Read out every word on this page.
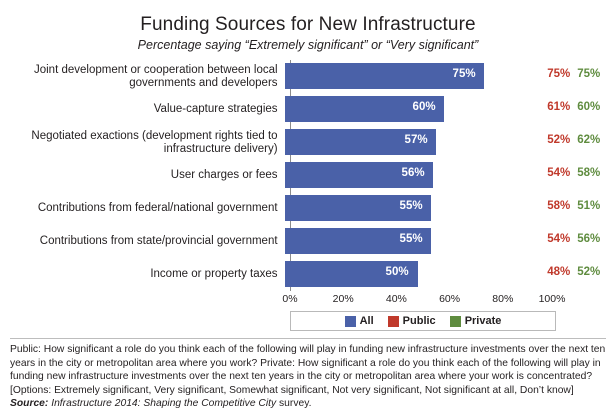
Funding Sources for New Infrastructure
Percentage saying “Extremely significant” or “Very significant”
Joint development or cooperation between local
governments and developers
75%	75% 75%
Value-capture strategies	60%	61% 60%
Negotiated exactions (development rights tied to infrastructure delivery)
57%	52% 62%
User charges or fees	56%	54% 58%
Contributions from federal/national government	55%	58% 51%
Contributions from state/provincial government	55%	54% 56%
Income or property taxes	50%	48% 52%
0%	20%	40%	60%	80% 100%
All	Public	Private

Public: How significant a role do you think each of the following will play in funding new infrastructure investments over the next ten

years in the city or metropolitan area where you work? Private: How significant a role do you think each of the following will play in

funding new infrastructure investments over the next ten years in the city or metropolitan area where your work is concentrated?

[Options: Extremely significant, Very significant, Somewhat significant, Not very significant, Not significant at all, Don’t know]

Source: Infrastructure 2014: Shaping the Competitive City survey.
